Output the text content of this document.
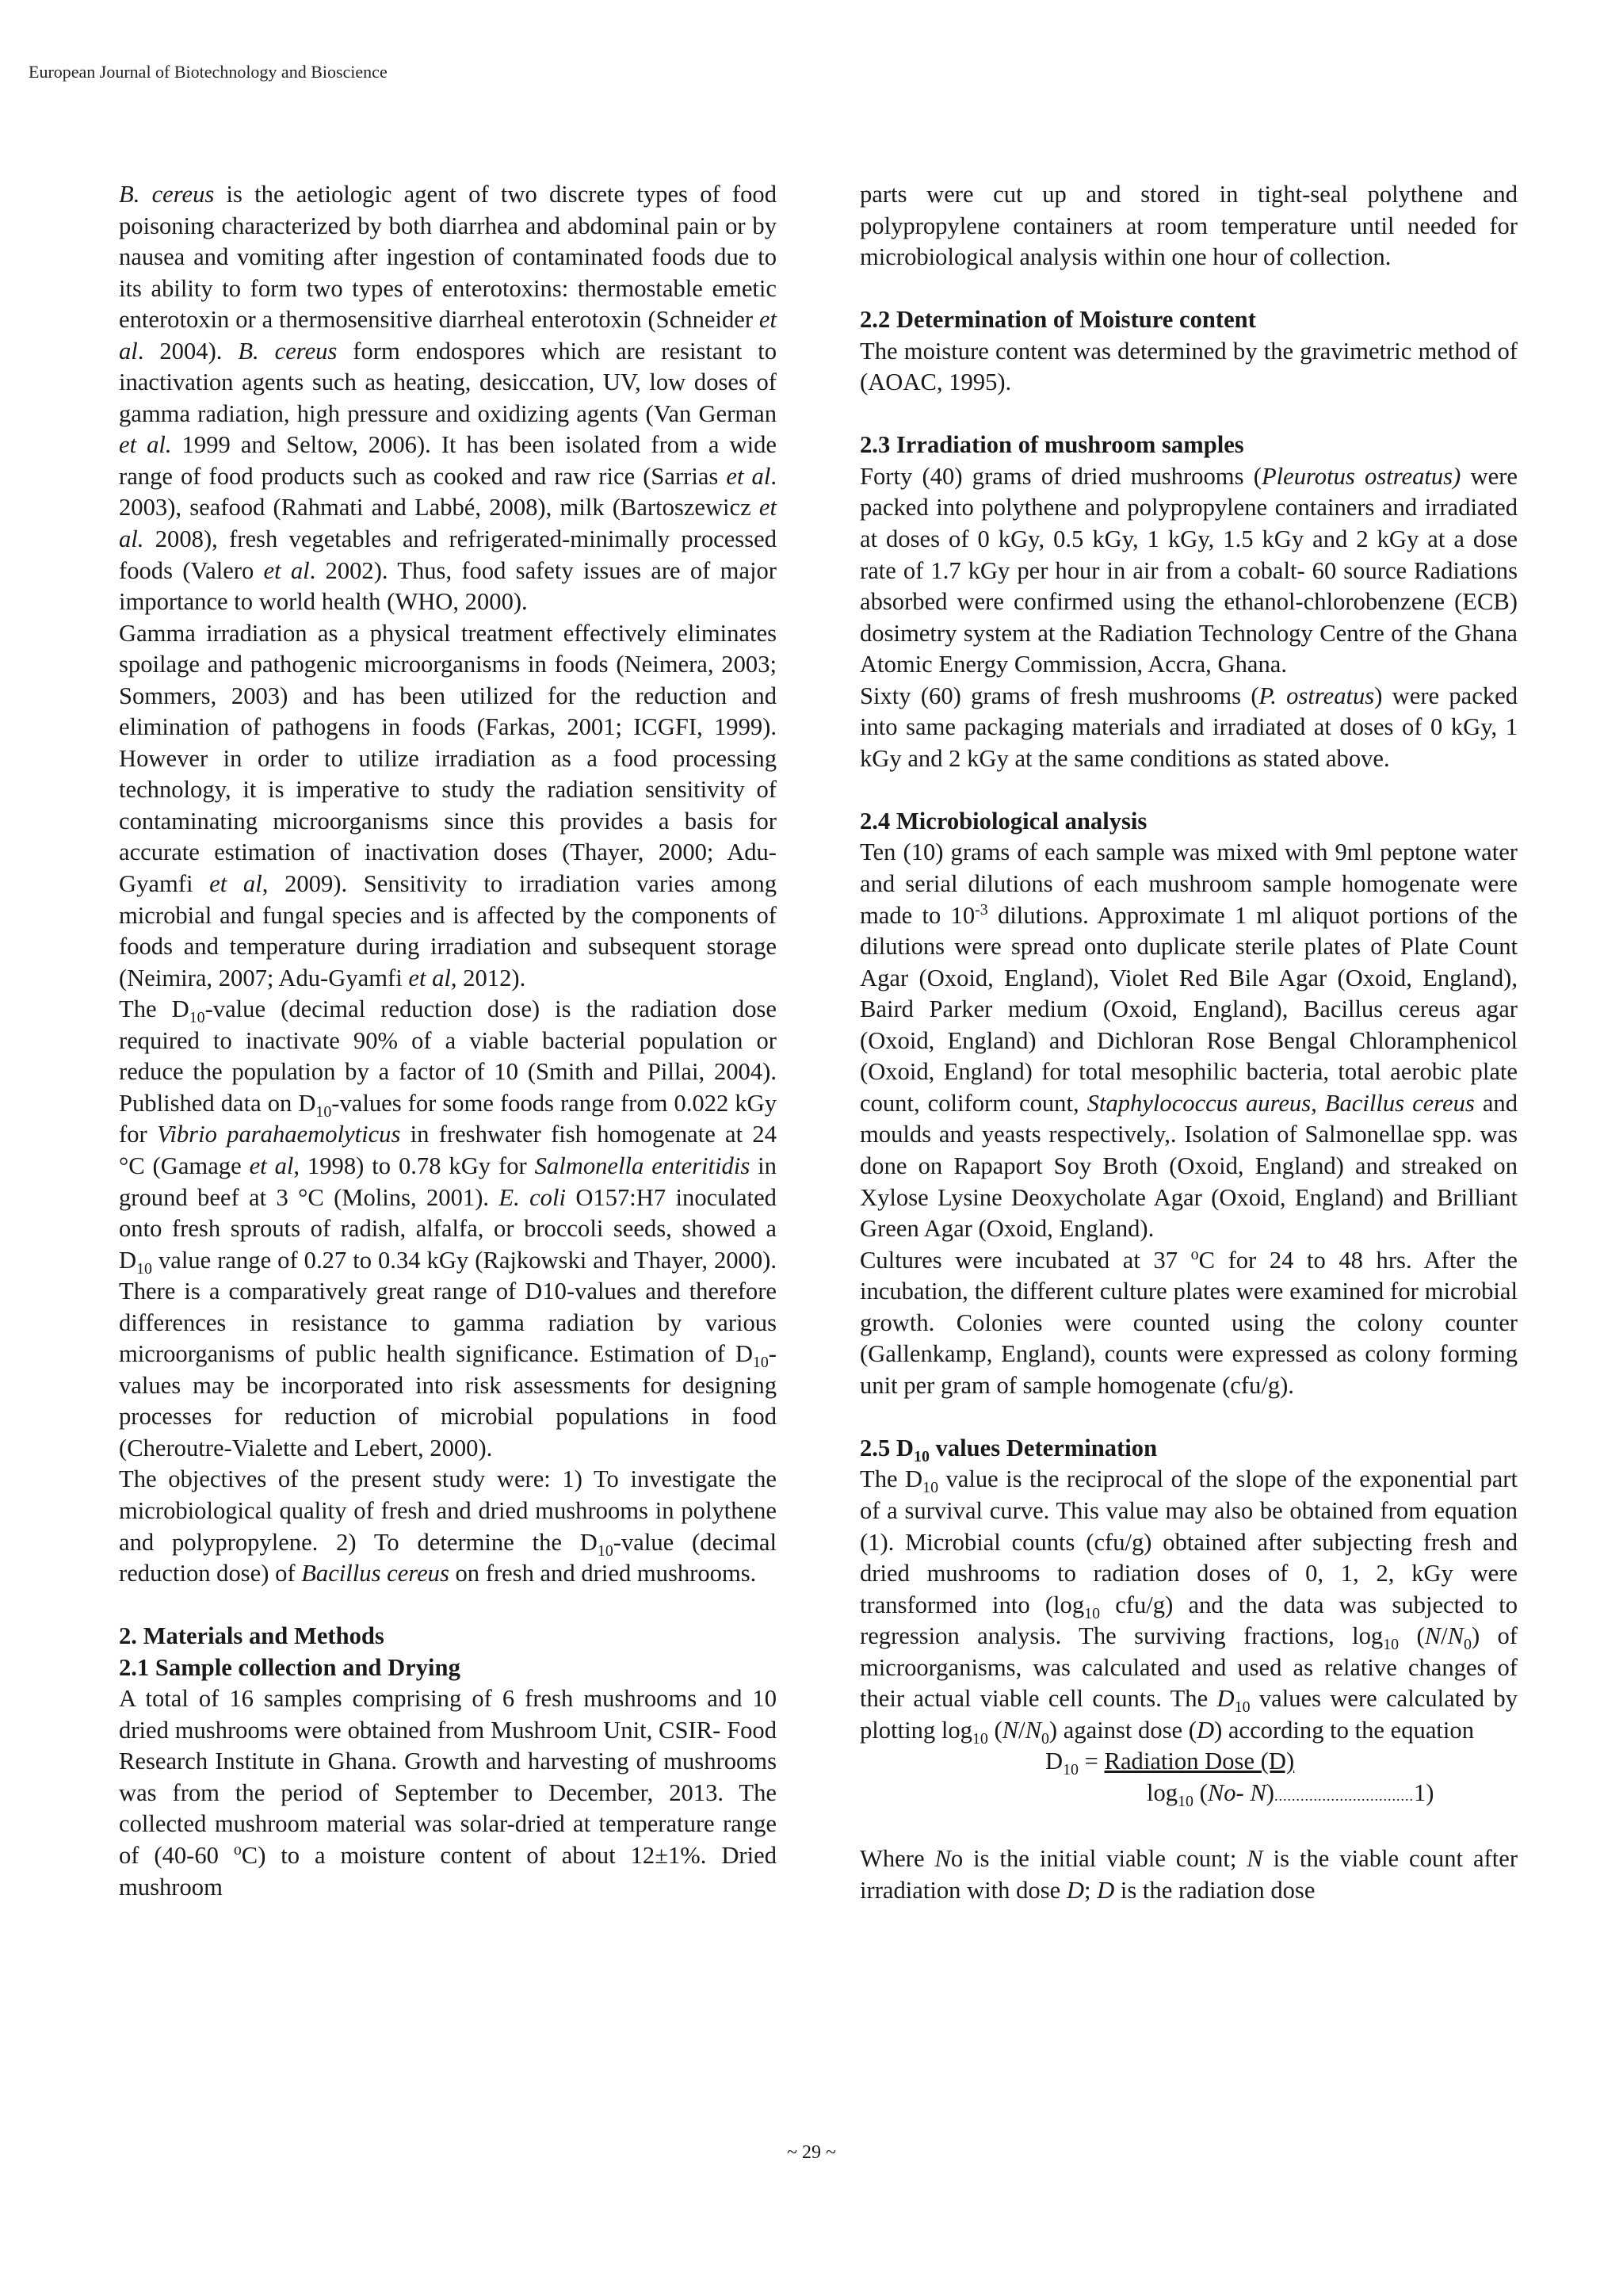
European Journal of Biotechnology and Bioscience

B. cereus is the aetiologic agent of two discrete types of food poisoning characterized by both diarrhea and abdominal pain or by nausea and vomiting after ingestion of contaminated foods due to its ability to form two types of enterotoxins: thermostable emetic enterotoxin or a thermosensitive diarrheal enterotoxin (Schneider et al. 2004). B. cereus form endospores which are resistant to inactivation agents such as heating, desiccation, UV, low doses of gamma radiation, high pressure and oxidizing agents (Van German et al. 1999 and Seltow, 2006). It has been isolated from a wide range of food products such as cooked and raw rice (Sarrias et al. 2003), seafood (Rahmati and Labbé, 2008), milk (Bartoszewicz et al. 2008), fresh vegetables and refrigerated-minimally processed foods (Valero et al. 2002). Thus, food safety issues are of major importance to world health (WHO, 2000).

Gamma irradiation as a physical treatment effectively eliminates spoilage and pathogenic microorganisms in foods (Neimera, 2003; Sommers, 2003) and has been utilized for the reduction and elimination of pathogens in foods (Farkas, 2001; ICGFI, 1999). However in order to utilize irradiation as a food processing technology, it is imperative to study the radiation sensitivity of contaminating microorganisms since this provides a basis for accurate estimation of inactivation doses (Thayer, 2000; Adu-Gyamfi et al, 2009). Sensitivity to irradiation varies among microbial and fungal species and is affected by the components of foods and temperature during irradiation and subsequent storage (Neimira, 2007; Adu-Gyamfi et al, 2012).

The $D_{10}$-value (decimal reduction dose) is the radiation dose required to inactivate 90% of a viable bacterial population or reduce the population by a factor of 10 (Smith and Pillai, 2004). Published data on $D_{10}$-values for some foods range from 0.022 kGy for Vibrio parahaemolyticus in freshwater fish homogenate at 24 °C (Gamage et al, 1998) to 0.78 kGy for Salmonella enteritidis in ground beef at 3 °C (Molins, 2001). E. coli O157:H7 inoculated onto fresh sprouts of radish, alfalfa, or broccoli seeds, showed a $D_{10}$ value range of 0.27 to 0.34 kGy (Rajkowski and Thayer, 2000). There is a comparatively great range of D10-values and therefore differences in resistance to gamma radiation by various microorganisms of public health significance. Estimation of $D_{10}$-values may be incorporated into risk assessments for designing processes for reduction of microbial populations in food (Cheroutre-Vialette and Lebert, 2000).

The objectives of the present study were: 1) To investigate the microbiological quality of fresh and dried mushrooms in polythene and polypropylene. 2) To determine the $D_{10}$-value (decimal reduction dose) of Bacillus cereus on fresh and dried mushrooms.

2. Materials and Methods

2.1 Sample collection and Drying

A total of 16 samples comprising of 6 fresh mushrooms and 10 dried mushrooms were obtained from Mushroom Unit, CSIR- Food Research Institute in Ghana. Growth and harvesting of mushrooms was from the period of September to December, 2013. The collected mushroom material was solar-dried at temperature range of (40-60 $^o$C) to a moisture content of about 12±1%. Dried mushroom

parts were cut up and stored in tight-seal polythene and polypropylene containers at room temperature until needed for microbiological analysis within one hour of collection.

2.2 Determination of Moisture content

The moisture content was determined by the gravimetric method of (AOAC, 1995).

2.3 Irradiation of mushroom samples

Forty (40) grams of dried mushrooms (Pleurotus ostreatus) were packed into polythene and polypropylene containers and irradiated at doses of 0 kGy, 0.5 kGy, 1 kGy, 1.5 kGy and 2 kGy at a dose rate of 1.7 kGy per hour in air from a cobalt- 60 source Radiations absorbed were confirmed using the ethanol-chlorobenzene (ECB) dosimetry system at the Radiation Technology Centre of the Ghana Atomic Energy Commission, Accra, Ghana.

Sixty (60) grams of fresh mushrooms (P. ostreatus) were packed into same packaging materials and irradiated at doses of 0 kGy, 1 kGy and 2 kGy at the same conditions as stated above.

2.4 Microbiological analysis

Ten (10) grams of each sample was mixed with 9ml peptone water and serial dilutions of each mushroom sample homogenate were made to $10^{-3}$ dilutions. Approximate 1 ml aliquot portions of the dilutions were spread onto duplicate sterile plates of Plate Count Agar (Oxoid, England), Violet Red Bile Agar (Oxoid, England), Baird Parker medium (Oxoid, England), Bacillus cereus agar (Oxoid, England) and Dichloran Rose Bengal Chloramphenicol (Oxoid, England) for total mesophilic bacteria, total aerobic plate count, coliform count, Staphylococcus aureus, Bacillus cereus and moulds and yeasts respectively,. Isolation of Salmonellae spp. was done on Rapaport Soy Broth (Oxoid, England) and streaked on Xylose Lysine Deoxycholate Agar (Oxoid, England) and Brilliant Green Agar (Oxoid, England).

Cultures were incubated at 37 $^o$C for 24 to 48 hrs. After the incubation, the different culture plates were examined for microbial growth. Colonies were counted using the colony counter (Gallenkamp, England), counts were expressed as colony forming unit per gram of sample homogenate (cfu/g).

2.5 $D_{10}$ values Determination

The $D_{10}$ value is the reciprocal of the slope of the exponential part of a survival curve. This value may also be obtained from equation (1). Microbial counts (cfu/g) obtained after subjecting fresh and dried mushrooms to radiation doses of 0, 1, 2, kGy were transformed into ($\log_{10}$ cfu/g) and the data was subjected to regression analysis. The surviving fractions, $\log_{10} (N/N_0)$ of microorganisms, was calculated and used as relative changes of their actual viable cell counts. The $D_{10}$ values were calculated by plotting $\log_{10} (N/N_0)$ against dose (D) according to the equation

$D_{10}$ = Radiation Dose (D)

$\log_{10} (No-$ N)................................1)

Where No is the initial viable count; N is the viable count after irradiation with dose D; D is the radiation dose

~ 29 ~
